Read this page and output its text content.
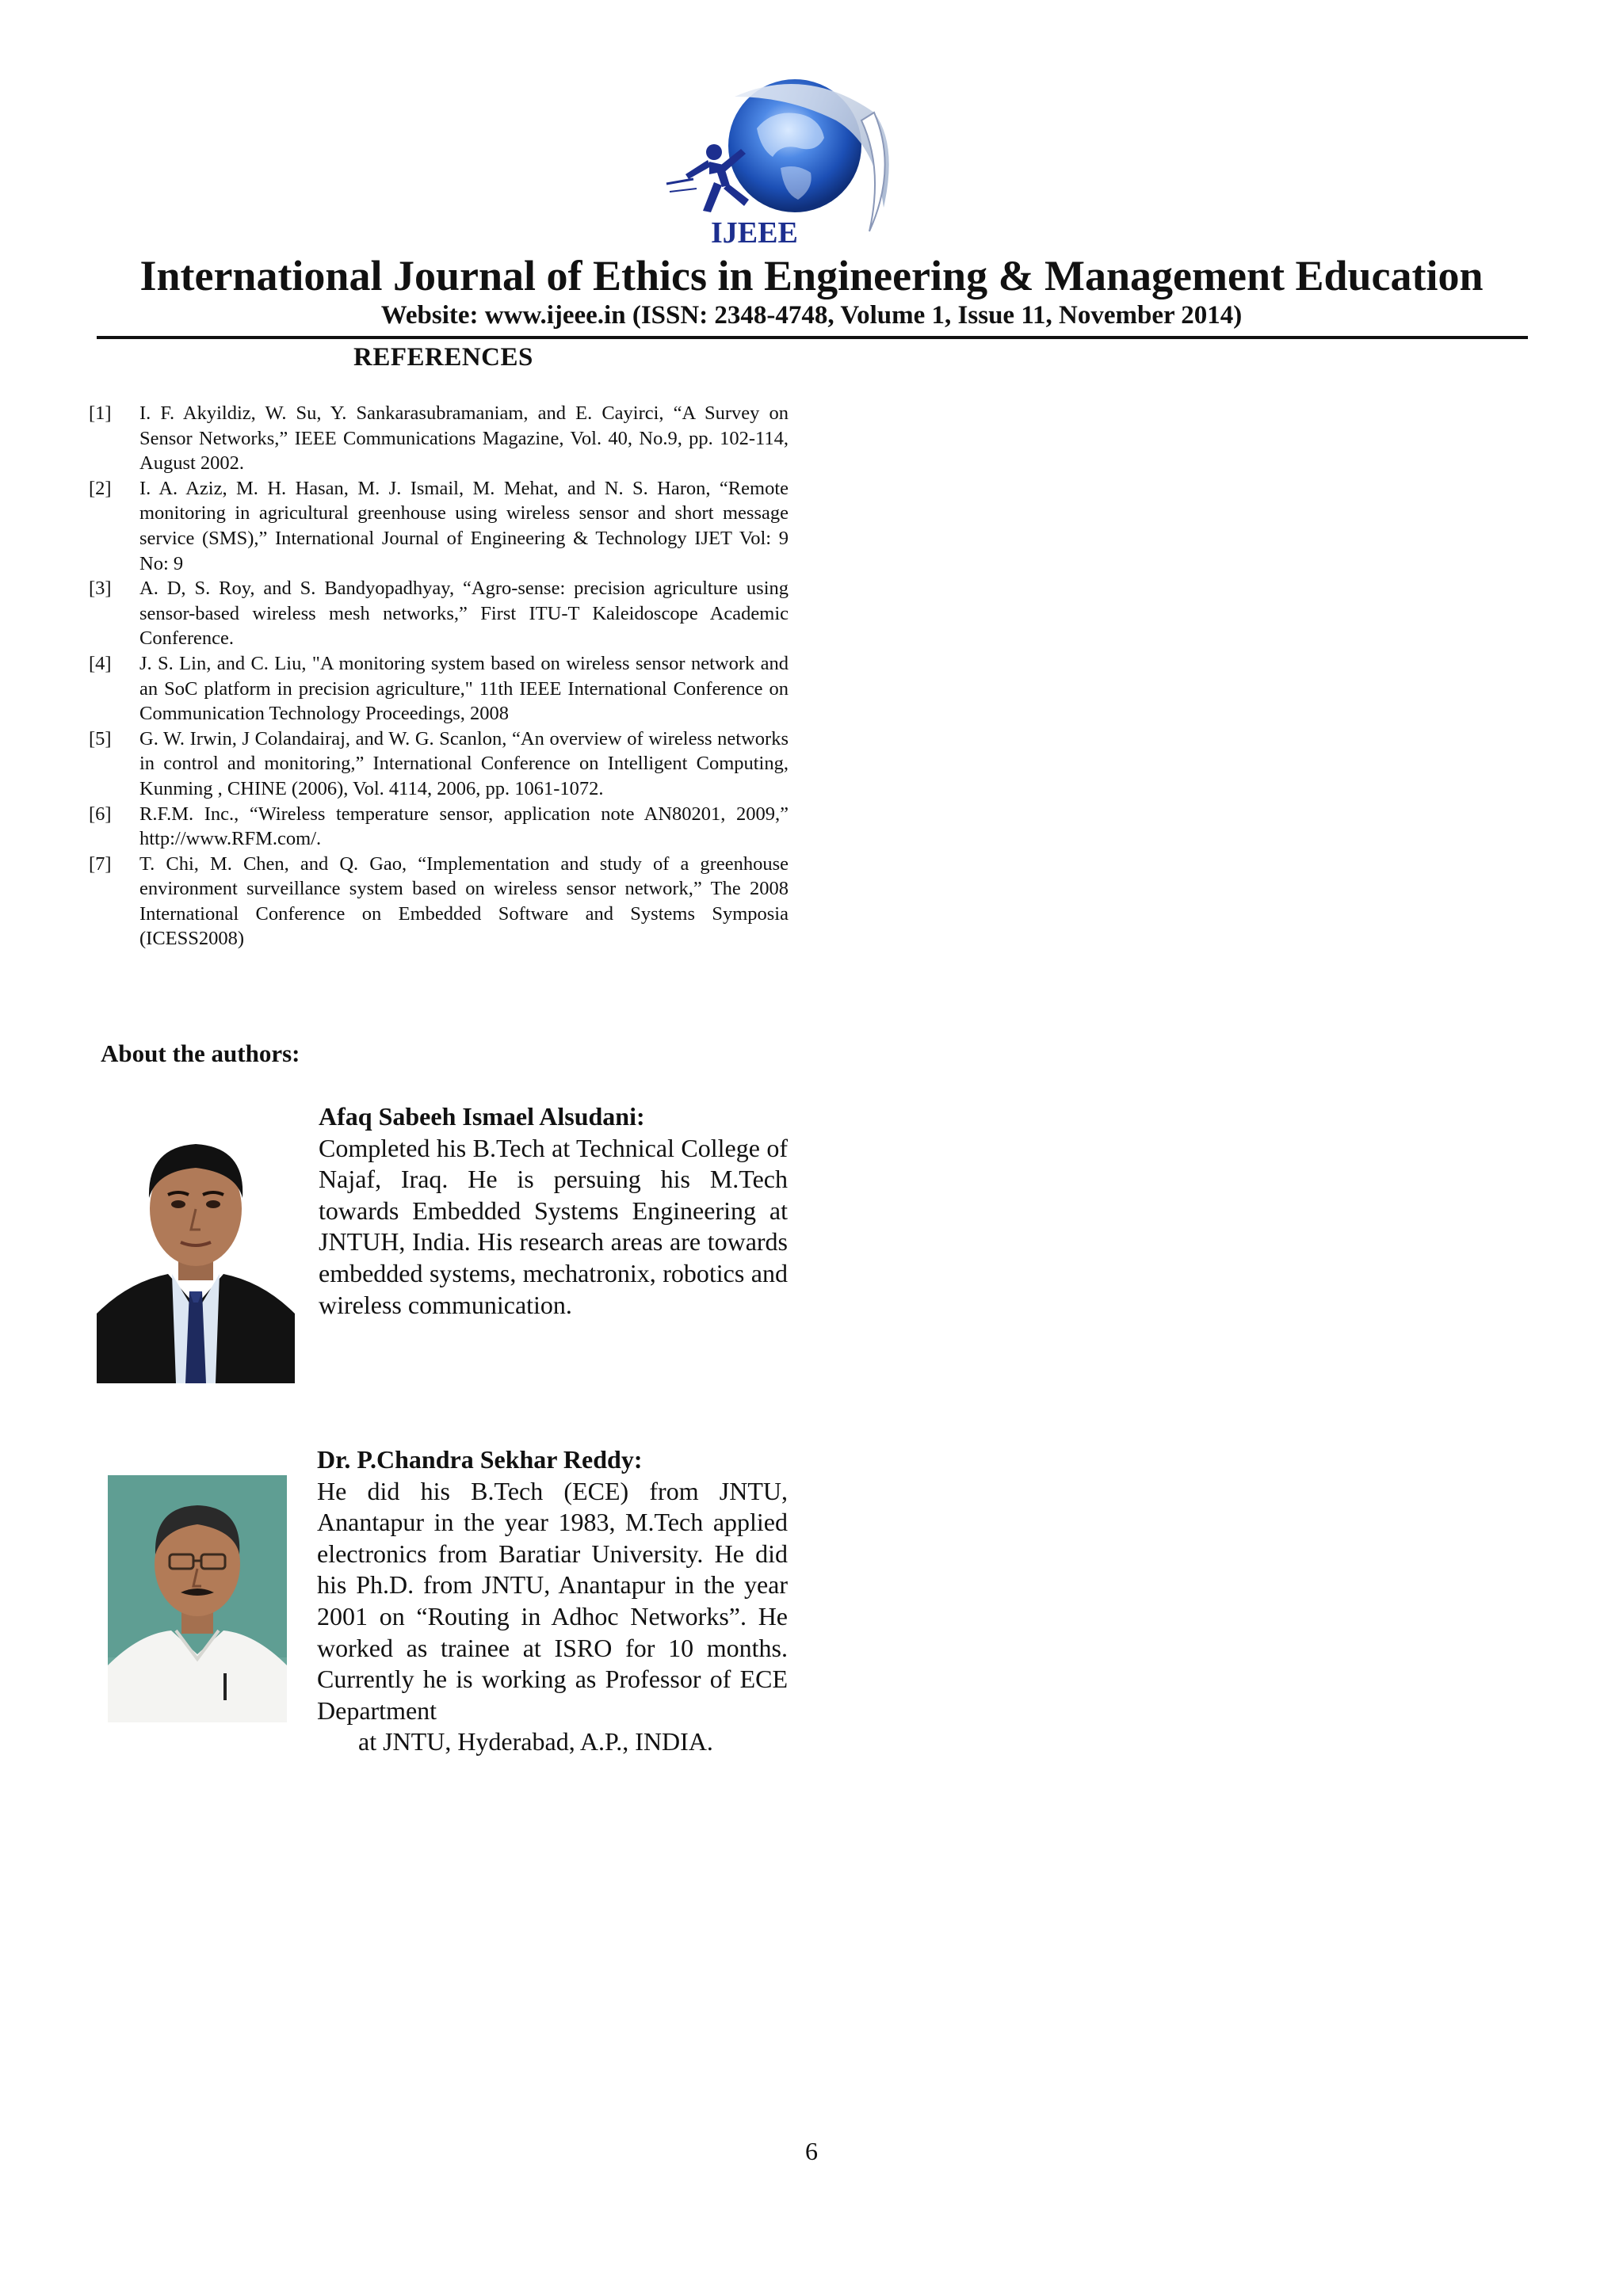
IJEEE
International Journal of Ethics in Engineering & Management Education
Website: www.ijeee.in (ISSN: 2348-4748, Volume 1, Issue 11, November 2014)
REFERENCES
[1]	I. F. Akyildiz, W. Su, Y. Sankarasubramaniam, and E. Cayirci, “A Survey on Sensor Networks,” IEEE Communications Magazine, Vol. 40, No.9, pp. 102-114, August 2002.
[2]	I. A. Aziz, M. H. Hasan, M. J. Ismail, M. Mehat, and N. S. Haron, “Remote monitoring in agricultural greenhouse using wireless sensor and short message service (SMS),” International Journal of Engineering & Technology IJET Vol: 9 No: 9
[3]	A. D, S. Roy, and S. Bandyopadhyay, “Agro-sense: precision agriculture using sensor-based wireless mesh networks,” First ITU-T Kaleidoscope Academic Conference.
[4]	J. S. Lin, and C. Liu, "A monitoring system based on wireless sensor network and an SoC platform in precision agriculture," 11th IEEE International Conference on Communication Technology Proceedings, 2008
[5]	G. W. Irwin, J Colandairaj, and W. G. Scanlon, “An overview of wireless networks in control and monitoring,” International Conference on Intelligent Computing, Kunming , CHINE (2006), Vol. 4114, 2006, pp. 1061-1072.
[6]	R.F.M. Inc., “Wireless temperature sensor, application note AN80201, 2009,” http://www.RFM.com/.
[7]	T. Chi, M. Chen, and Q. Gao, “Implementation and study of a greenhouse environment surveillance system based on wireless sensor network,” The 2008 International Conference on Embedded Software and Systems Symposia (ICESS2008)
About the authors:
Afaq Sabeeh Ismael Alsudani:
Completed his B.Tech at Technical College of Najaf, Iraq. He is persuing his M.Tech towards Embedded Systems Engineering at JNTUH, India. His research areas are towards embedded systems, mechatronix, robotics and wireless communication.
Dr. P.Chandra Sekhar Reddy:
He did his B.Tech (ECE) from JNTU, Anantapur in the year 1983, M.Tech applied electronics from Baratiar University. He did his Ph.D. from JNTU, Anantapur in the year 2001 on “Routing in Adhoc Networks”. He worked as trainee at ISRO for 10 months. Currently he is working as Professor of ECE Department
at JNTU, Hyderabad, A.P., INDIA.
6
